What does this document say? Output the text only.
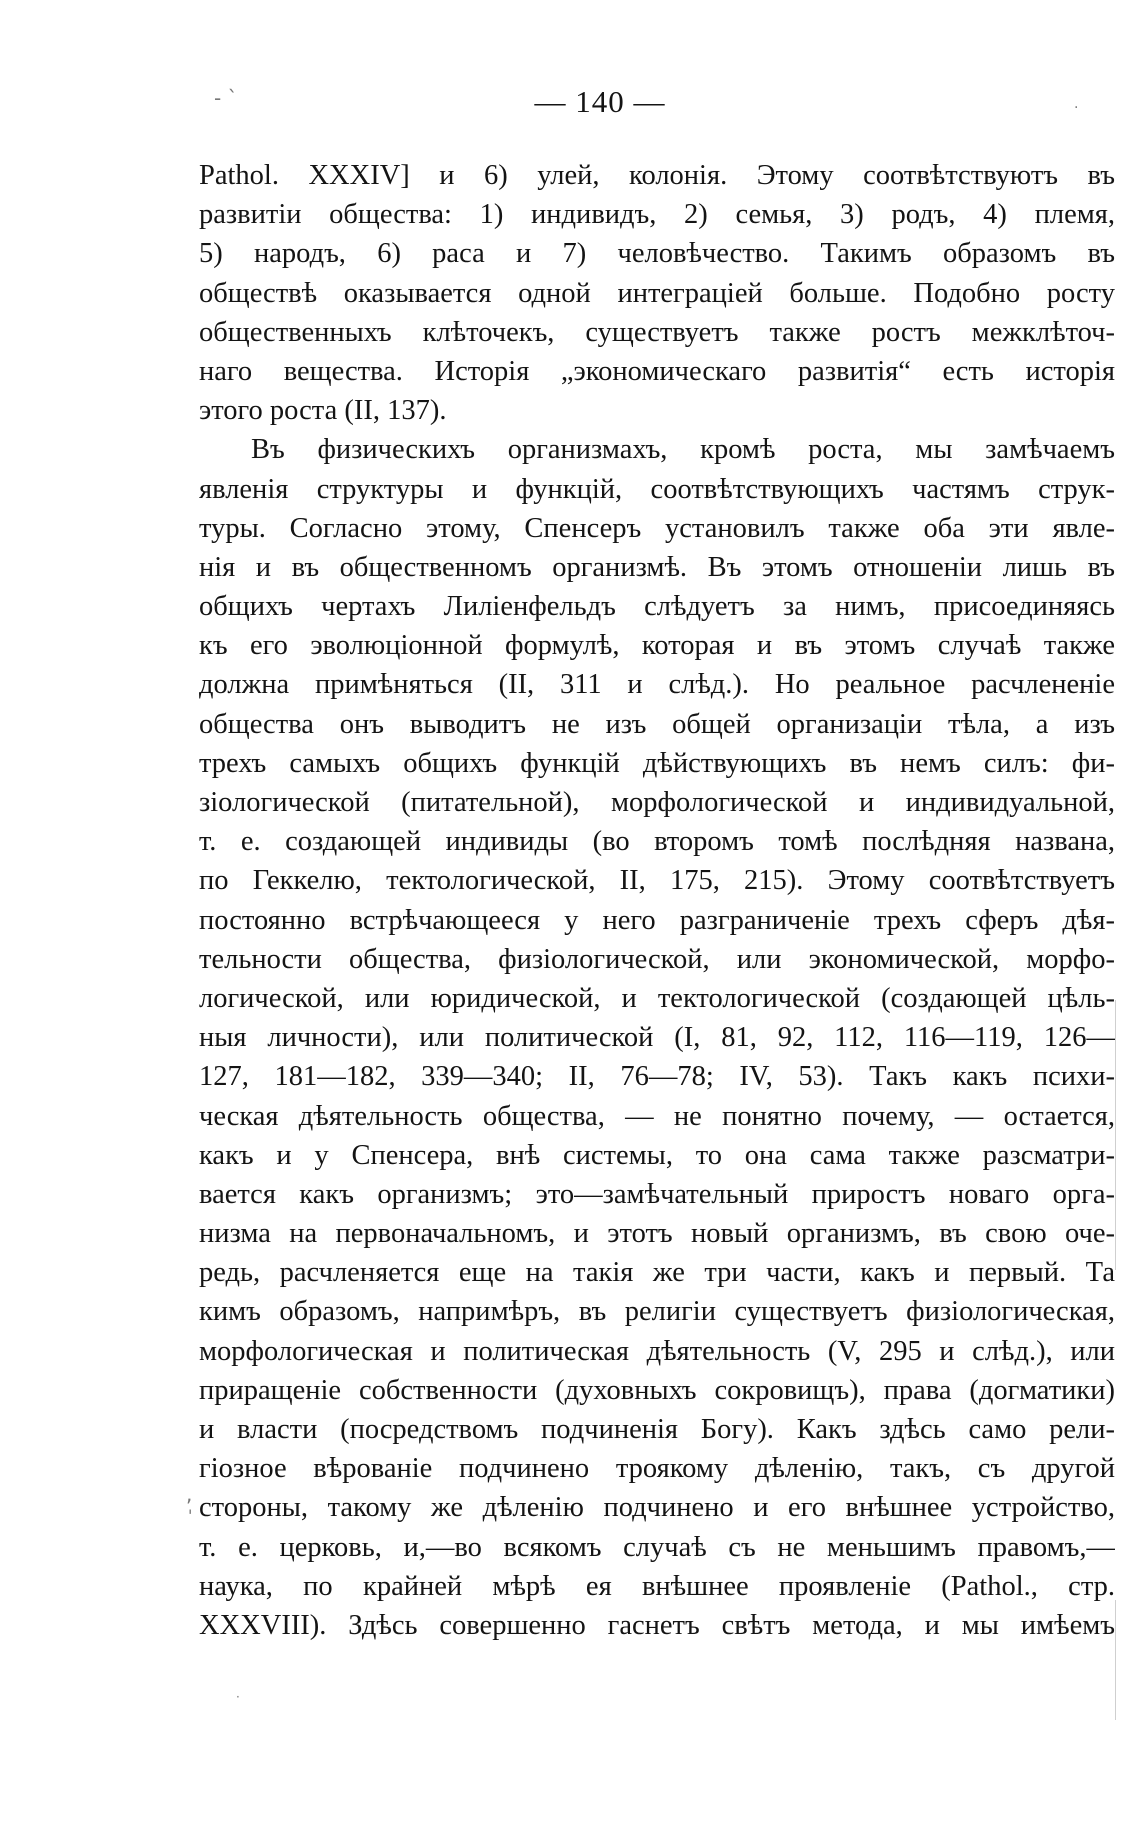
- `	·
,
'
·
— 140 —
Pathol. XXXIV] и 6) улей, колонія. Этому соотвѣтствуютъ въ
развитіи общества: 1) индивидъ, 2) семья, 3) родъ, 4) племя,
5) народъ, 6) раса и 7) человѣчество. Такимъ образомъ въ
обществѣ оказывается одной интеграціей больше. Подобно росту
общественныхъ клѣточекъ, существуетъ также ростъ межклѣточ-
наго вещества. Исторія „экономическаго развитія“ есть исторія
этого роста (II, 137).
Въ физическихъ организмахъ, кромѣ роста, мы замѣчаемъ
явленія структуры и функцій, соотвѣтствующихъ частямъ струк-
туры. Согласно этому, Спенсеръ установилъ также оба эти явле-
нія и въ общественномъ организмѣ. Въ этомъ отношеніи лишь въ
общихъ чертахъ Лиліенфельдъ слѣдуетъ за нимъ, присоединяясь
къ его эволюціонной формулѣ, которая и въ этомъ случаѣ также
должна примѣняться (II, 311 и слѣд.). Но реальное расчлененіе
общества онъ выводитъ не изъ общей организаціи тѣла, а изъ
трехъ самыхъ общихъ функцій дѣйствующихъ въ немъ силъ: фи-
зіологической (питательной), морфологической и индивидуальной,
т. е. создающей индивиды (во второмъ томѣ послѣдняя названа,
по Геккелю, тектологической, II, 175, 215). Этому соотвѣтствуетъ
постоянно встрѣчающееся у него разграниченіе трехъ сферъ дѣя-
тельности общества, физіологической, или экономической, морфо-
логической, или юридической, и тектологической (создающей цѣль-
ныя личности), или политической (I, 81, 92, 112, 116—119, 126—
127, 181—182, 339—340; II, 76—78; IV, 53). Такъ какъ психи-
ческая дѣятельность общества, — не понятно почему, — остается,
какъ и у Спенсера, внѣ системы, то она сама также разсматри-
вается какъ организмъ; это—замѣчательный приростъ новаго орга-
низма на первоначальномъ, и этотъ новый организмъ, въ свою оче-
редь, расчленяется еще на такія же три части, какъ и первый. Та
кимъ образомъ, напримѣръ, въ религіи существуетъ физіологическая,
морфологическая и политическая дѣятельность (V, 295 и слѣд.), или
приращеніе собственности (духовныхъ сокровищъ), права (догматики)
и власти (посредствомъ подчиненія Богу). Какъ здѣсь само рели-
гіозное вѣрованіе подчинено троякому дѣленію, такъ, съ другой
стороны, такому же дѣленію подчинено и его внѣшнее устройство,
т. е. церковь, и,—во всякомъ случаѣ съ не меньшимъ правомъ,—
наука, по крайней мѣрѣ ея внѣшнее проявленіе (Pathol., стр.
XXXVIII). Здѣсь совершенно гаснетъ свѣтъ метода, и мы имѣемъ
